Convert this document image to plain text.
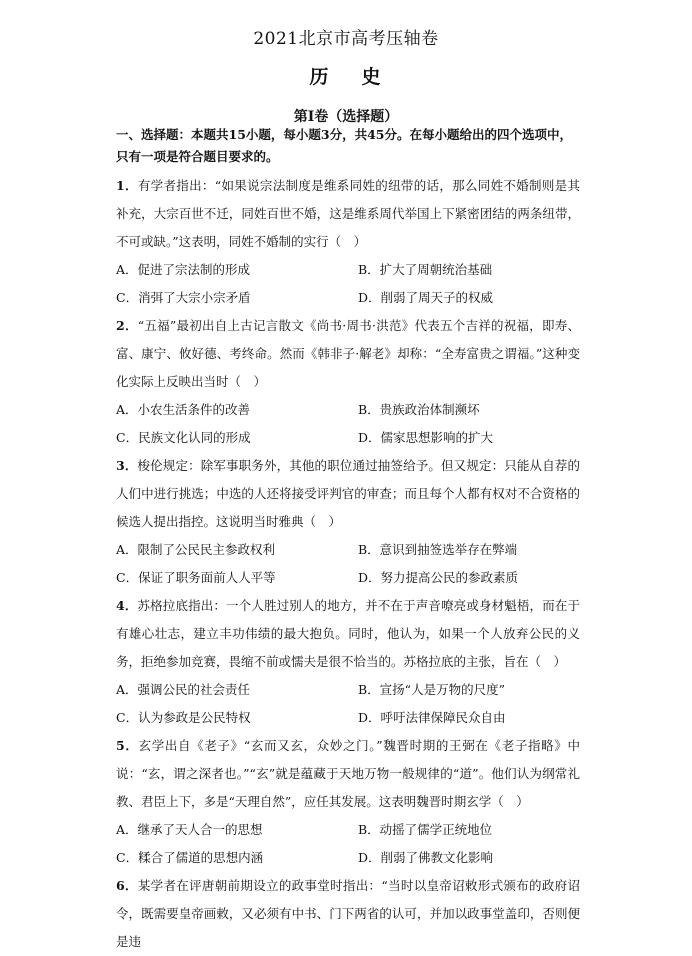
2021北京市高考压轴卷
历 史
第Ⅰ卷（选择题）

一、选择题：本题共15小题，每小题3分，共45分。在每小题给出的四个选项中，只有一项是符合题目要求的。

1．有学者指出：“如果说宗法制度是维系同姓的纽带的话，那么同姓不婚制则是其补充，大宗百世不迁，同姓百世不婚，这是维系周代举国上下紧密团结的两条纽带，不可或缺。”这表明，同姓不婚制的实行（　）

A．促进了宗法制的形成	B．扩大了周朝统治基础
C．消弭了大宗小宗矛盾	D．削弱了周天子的权威

2．“五福”最初出自上古记言散文《尚书·周书·洪范》代表五个吉祥的祝福，即寿、富、康宁、攸好德、考终命。然而《韩非子·解老》却称：“全寿富贵之谓福。”这种变化实际上反映出当时（　）

A．小农生活条件的改善	B．贵族政治体制濒坏
C．民族文化认同的形成	D．儒家思想影响的扩大

3．梭伦规定：除军事职务外，其他的职位通过抽签给予。但又规定：只能从自荐的人们中进行挑选；中选的人还将接受评判官的审查；而且每个人都有权对不合资格的候选人提出指控。这说明当时雅典（　）

A．限制了公民民主参政权利	B．意识到抽签选举存在弊端
C．保证了职务面前人人平等	D．努力提高公民的参政素质

4．苏格拉底指出：一个人胜过别人的地方，并不在于声音嘹亮或身材魁梧，而在于有雄心壮志，建立丰功伟绩的最大抱负。同时，他认为，如果一个人放弃公民的义务，拒绝参加竞赛，畏缩不前或懦夫是很不恰当的。苏格拉底的主张，旨在（　）

A．强调公民的社会责任	B．宣扬“人是万物的尺度”
C．认为参政是公民特权	D．呼吁法律保障民众自由

5．玄学出自《老子》“玄而又玄，众妙之门。”魏晋时期的王弼在《老子指略》中说：“玄，谓之深者也。”“玄”就是蕴藏于天地万物一般规律的“道”。他们认为纲常礼教、君臣上下，多是“天理自然”，应任其发展。这表明魏晋时期玄学（　）

A．继承了天人合一的思想	B．动摇了儒学正统地位
C．糅合了儒道的思想内涵	D．削弱了佛教文化影响

6．某学者在评唐朝前期设立的政事堂时指出：“当时以皇帝诏敕形式颁布的政府诏令，既需要皇帝画敕，又必须有中书、门下两省的认可，并加以政事堂盖印，否则便是违
